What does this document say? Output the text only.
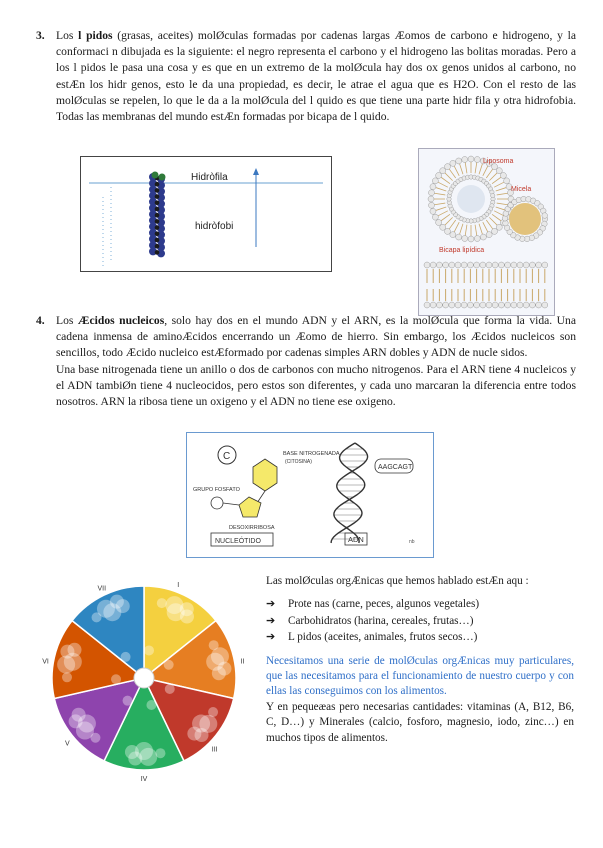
3. Los l pidos (grasas, aceites) molØculas formadas por cadenas largas Æomos de carbono e hidrogeno, y la conformaci n dibujada es la siguiente: el negro representa el carbono y el hidrogeno las bolitas moradas. Pero a los l pidos le pasa una cosa y es que en un extremo de la molØcula hay dos ox genos unidos al carbono, no estÆn los hidr genos, esto le da una propiedad, es decir, le atrae el agua que es H2O. Con el resto de las molØculas se repelen, lo que le da a la molØcula del l quido es que tiene una parte hidr fila y otra hidrofobia. Todas las membranas del mundo estÆn formadas por bicapa de l quido.

Hidròfila
hidròfobi
Liposoma
Micela
Bicapa lipídica
4. Los Æcidos nucleicos, solo hay dos en el mundo ADN y el ARN, es la molØcula que forma la vida. Una cadena inmensa de aminoÆcidos encerrando un Æomo de hierro. Sin embargo, los Æcidos nucleicos son sencillos, todo Æcido nucleico estÆformado por cadenas simples ARN dobles y ADN de nucle sidos.

Una base nitrogenada tiene un anillo o dos de carbonos con mucho nitrogenos. Para el ARN tiene 4 nucleicos y el ADN tambiØn tiene 4 nucleocidos, pero estos son diferentes, y cada uno marcaran la diferencia entre todos nosotros. ARN la ribosa tiene un oxigeno y el ADN no tiene ese oxigeno.

C
GRUPO FOSFATO
BASE NITROGENADA
(CITOSINA)
DESOXIRRIBOSA
NUCLEÓTIDO
AAGCAGT
ADN	nb
I
II
III
IV
V
VI
VII

Las molØculas orgÆnicas que hemos hablado estÆn aqu :

➔ Prote nas (carne, peces, algunos vegetales)
➔ Carbohidratos (harina, cereales, frutas…)
➔ L pidos (aceites, animales, frutos secos…)

Necesitamos una serie de molØculas orgÆnicas muy particulares, que las necesitamos para el funcionamiento de nuestro cuerpo y con ellas las conseguimos con los alimentos.

Y en pequeæas pero necesarias cantidades: vitaminas (A, B12, B6, C, D…) y Minerales (calcio, fosforo, magnesio, iodo, zinc…) en muchos tipos de alimentos.
